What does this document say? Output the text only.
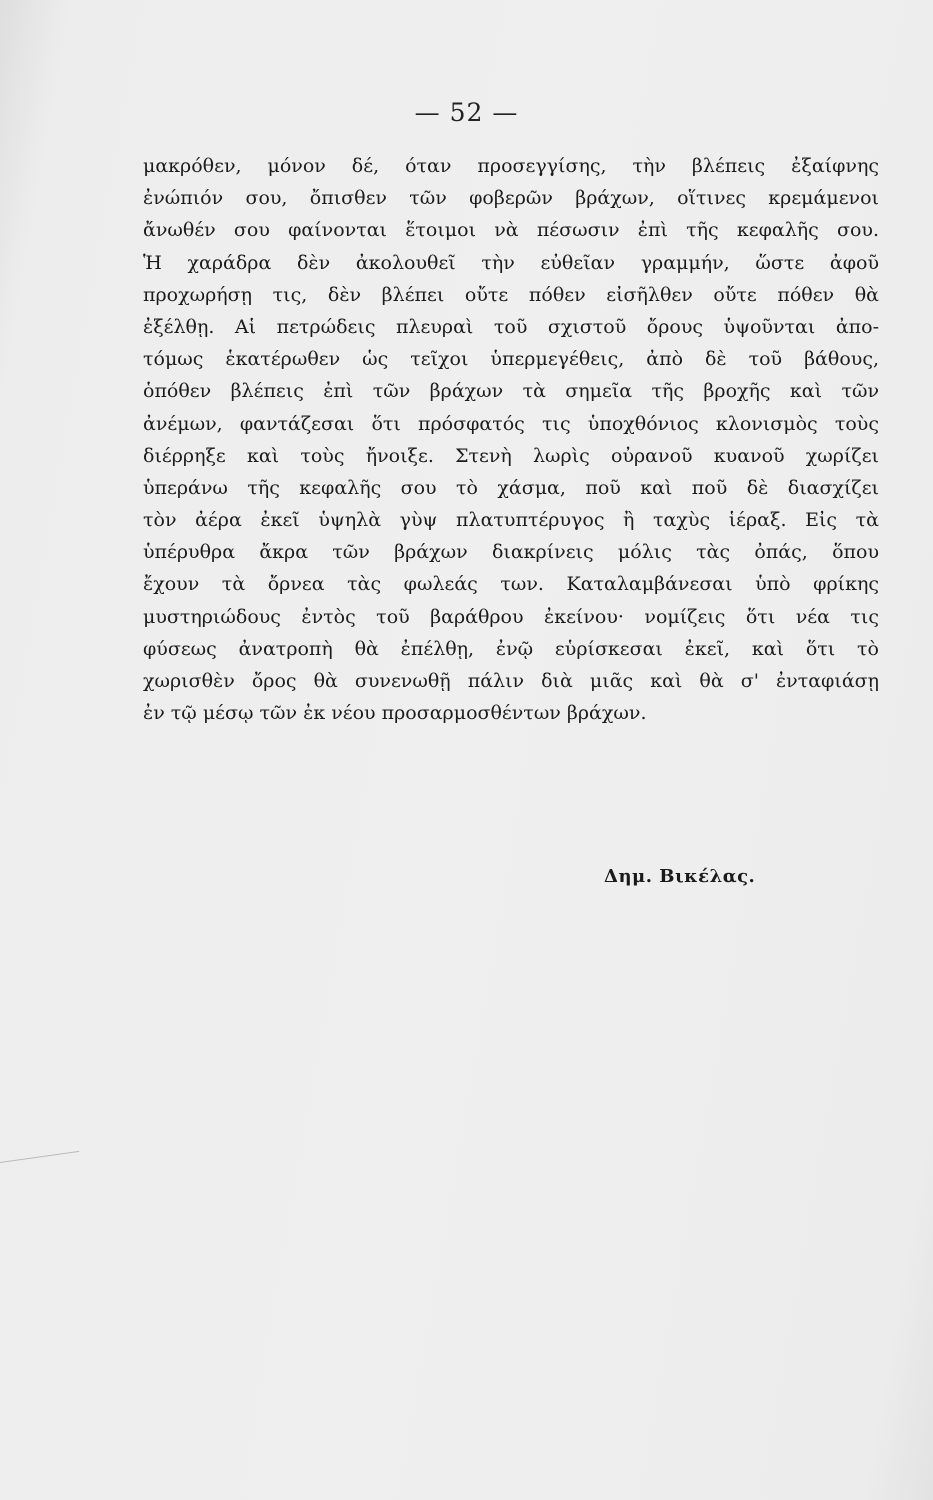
— 52 —
μακρόθεν, μόνον δέ, όταν προσεγγίσης, τὴν βλέπεις ἐξαίφνης
ἐνώπιόν σου, ὄπισθεν τῶν φοβερῶν βράχων, οἵτινες κρεμάμενοι
ἄνωθέν σου φαίνονται ἕτοιμοι νὰ πέσωσιν ἐπὶ τῆς κεφαλῆς σου.
Ἡ χαράδρα δὲν ἀκολουθεῖ τὴν εὐθεῖαν γραμμήν, ὥστε ἀφοῦ
προχωρήσῃ τις, δὲν βλέπει οὔτε πόθεν εἰσῆλθεν οὔτε πόθεν θὰ
ἐξέλθῃ. Αἱ πετρώδεις πλευραὶ τοῦ σχιστοῦ ὄρους ὑψοῦνται ἀπο-
τόμως ἑκατέρωθεν ὡς τεῖχοι ὑπερμεγέθεις, ἀπὸ δὲ τοῦ βάθους,
ὁπόθεν βλέπεις ἐπὶ τῶν βράχων τὰ σημεῖα τῆς βροχῆς καὶ τῶν
ἀνέμων, φαντάζεσαι ὅτι πρόσφατός τις ὑποχθόνιος κλονισμὸς τοὺς
διέρρηξε καὶ τοὺς ἤνοιξε. Στενὴ λωρὶς οὐρανοῦ κυανοῦ χωρίζει
ὑπεράνω τῆς κεφαλῆς σου τὸ χάσμα, ποῦ καὶ ποῦ δὲ διασχίζει
τὸν ἀέρα ἐκεῖ ὑψηλὰ γὺψ πλατυπτέρυγος ἢ ταχὺς ἱέραξ. Εἰς τὰ
ὑπέρυθρα ἄκρα τῶν βράχων διακρίνεις μόλις τὰς ὀπάς, ὅπου
ἔχουν τὰ ὄρνεα τὰς φωλεάς των. Καταλαμβάνεσαι ὑπὸ φρίκης
μυστηριώδους ἐντὸς τοῦ βαράθρου ἐκείνου· νομίζεις ὅτι νέα τις
φύσεως ἀνατροπὴ θὰ ἐπέλθῃ, ἐνῷ εὑρίσκεσαι ἐκεῖ, καὶ ὅτι τὸ
χωρισθὲν ὄρος θὰ συνενωθῇ πάλιν διὰ μιᾶς καὶ θὰ σ' ἐνταφιάσῃ
ἐν τῷ μέσῳ τῶν ἐκ νέου προσαρμοσθέντων βράχων.
Δημ. Βικέλας.
